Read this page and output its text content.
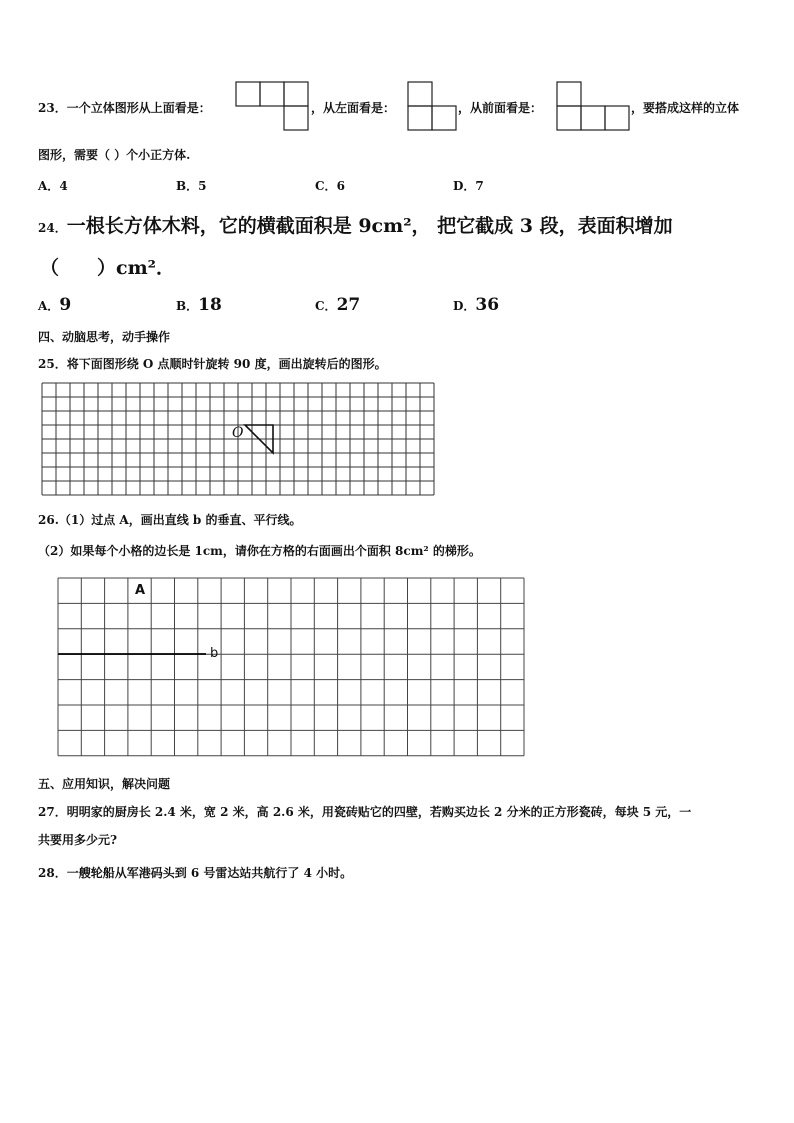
23．一个立体图形从上面看是：	，从左面看是：	，从前面看是：	，要搭成这样的立体
图形，需要（ ）个小正方体.
A．4	B．5	C．6	D．7
24．一根长方体木料，它的横截面积是 9cm²， 把它截成 3 段，表面积增加
（　　）cm²．
A．9	B．18	C．27	D．36
四、动脑思考，动手操作
25．将下面图形绕 O 点顺时针旋转 90 度，画出旋转后的图形。
O
26.（1）过点 A，画出直线 b 的垂直、平行线。
（2）如果每个小格的边长是 1cm，请你在方格的右面画出个面积 8cm² 的梯形。
A
b
五、应用知识，解决问题
27．明明家的厨房长 2.4 米，宽 2 米，高 2.6 米，用瓷砖贴它的四壁，若购买边长 2 分米的正方形瓷砖，每块 5 元，一
共要用多少元?
28．一艘轮船从军港码头到 6 号雷达站共航行了 4 小时。
